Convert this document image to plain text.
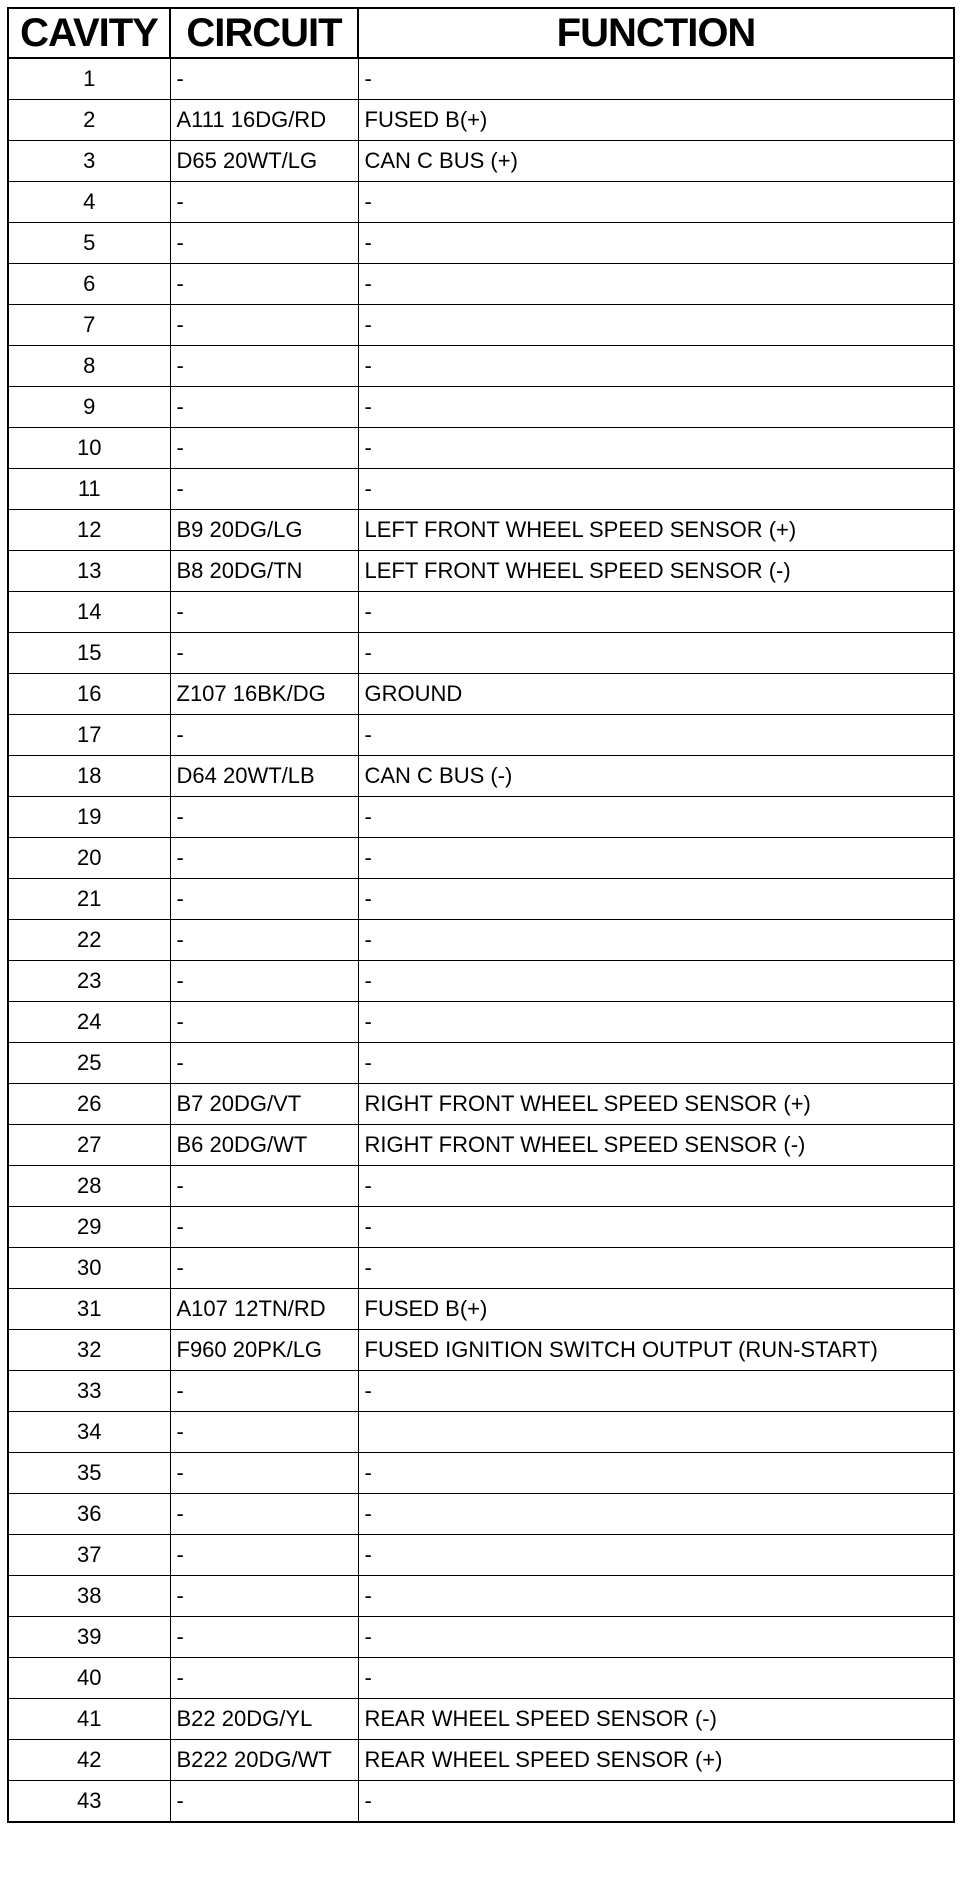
CAVITY	CIRCUIT	FUNCTION
1	-	-
2	A111 16DG/RD	FUSED B(+)
3	D65 20WT/LG	CAN C BUS (+)
4	-	-
5	-	-
6	-	-
7	-	-
8	-	-
9	-	-
10	-	-
11	-	-
12	B9 20DG/LG	LEFT FRONT WHEEL SPEED SENSOR (+)
13	B8 20DG/TN	LEFT FRONT WHEEL SPEED SENSOR (-)
14	-	-
15	-	-
16	Z107 16BK/DG	GROUND
17	-	-
18	D64 20WT/LB	CAN C BUS (-)
19	-	-
20	-	-
21	-	-
22	-	-
23	-	-
24	-	-
25	-	-
26	B7 20DG/VT	RIGHT FRONT WHEEL SPEED SENSOR (+)
27	B6 20DG/WT	RIGHT FRONT WHEEL SPEED SENSOR (-)
28	-	-
29	-	-
30	-	-
31	A107 12TN/RD	FUSED B(+)
32	F960 20PK/LG	FUSED IGNITION SWITCH OUTPUT (RUN-START)
33	-	-
34	-	
35	-	-
36	-	-
37	-	-
38	-	-
39	-	-
40	-	-
41	B22 20DG/YL	REAR WHEEL SPEED SENSOR (-)
42	B222 20DG/WT	REAR WHEEL SPEED SENSOR (+)
43	-	-
